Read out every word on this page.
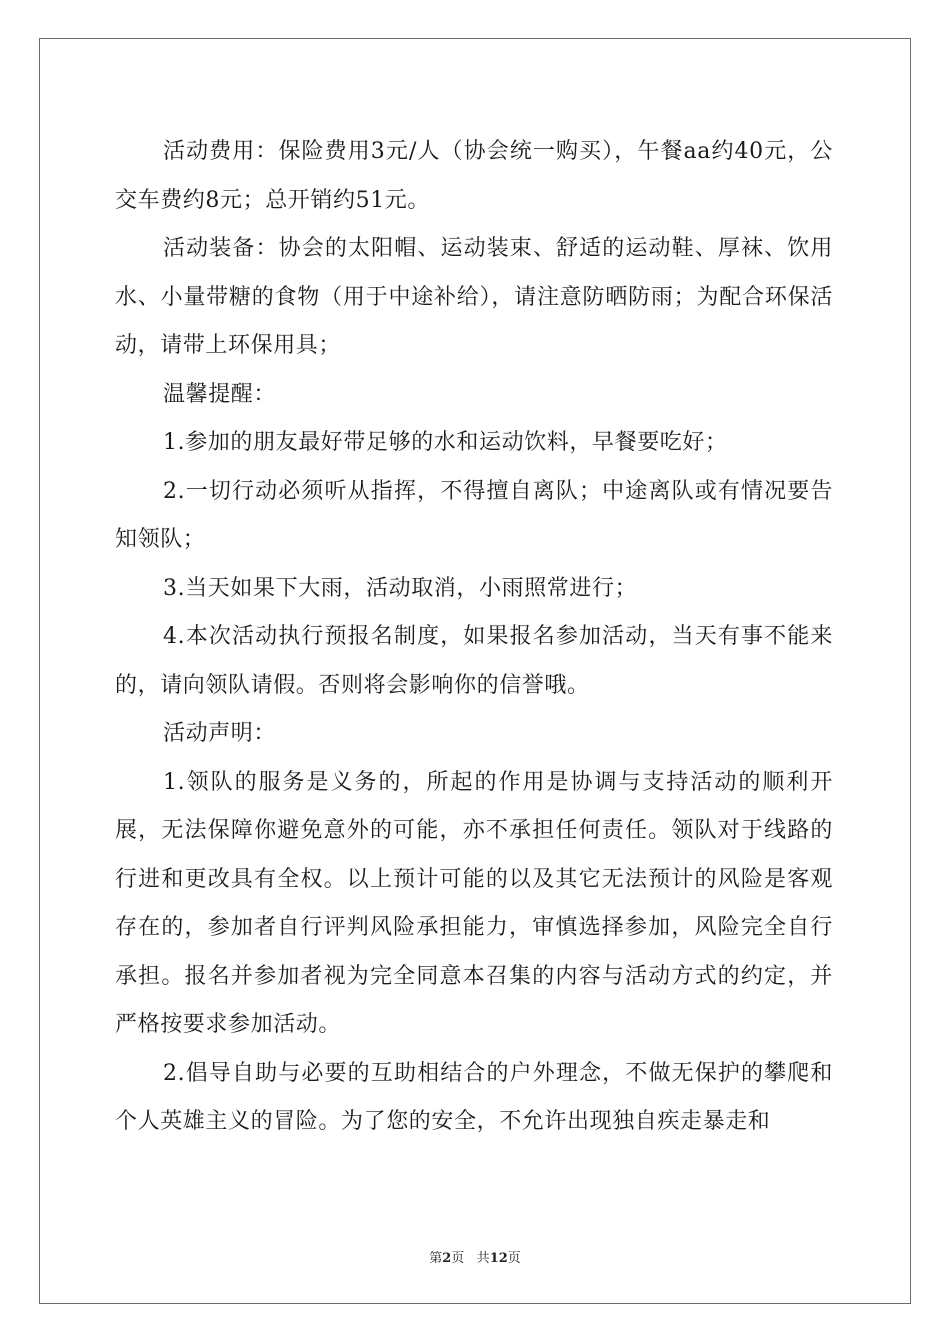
活动费用：保险费用3元/人（协会统一购买），午餐aa约40元，公交车费约8元；总开销约51元。

活动装备：协会的太阳帽、运动装束、舒适的运动鞋、厚袜、饮用水、小量带糖的食物（用于中途补给），请注意防晒防雨；为配合环保活动，请带上环保用具；

温馨提醒：

1.参加的朋友最好带足够的水和运动饮料，早餐要吃好；

2.一切行动必须听从指挥，不得擅自离队；中途离队或有情况要告知领队；

3.当天如果下大雨，活动取消，小雨照常进行；

4.本次活动执行预报名制度，如果报名参加活动，当天有事不能来的，请向领队请假。否则将会影响你的信誉哦。

活动声明：

1.领队的服务是义务的，所起的作用是协调与支持活动的顺利开展，无法保障你避免意外的可能，亦不承担任何责任。领队对于线路的行进和更改具有全权。以上预计可能的以及其它无法预计的风险是客观存在的，参加者自行评判风险承担能力，审慎选择参加，风险完全自行承担。报名并参加者视为完全同意本召集的内容与活动方式的约定，并严格按要求参加活动。

2.倡导自助与必要的互助相结合的户外理念，不做无保护的攀爬和个人英雄主义的冒险。为了您的安全，不允许出现独自疾走暴走和

第2页 共12页
